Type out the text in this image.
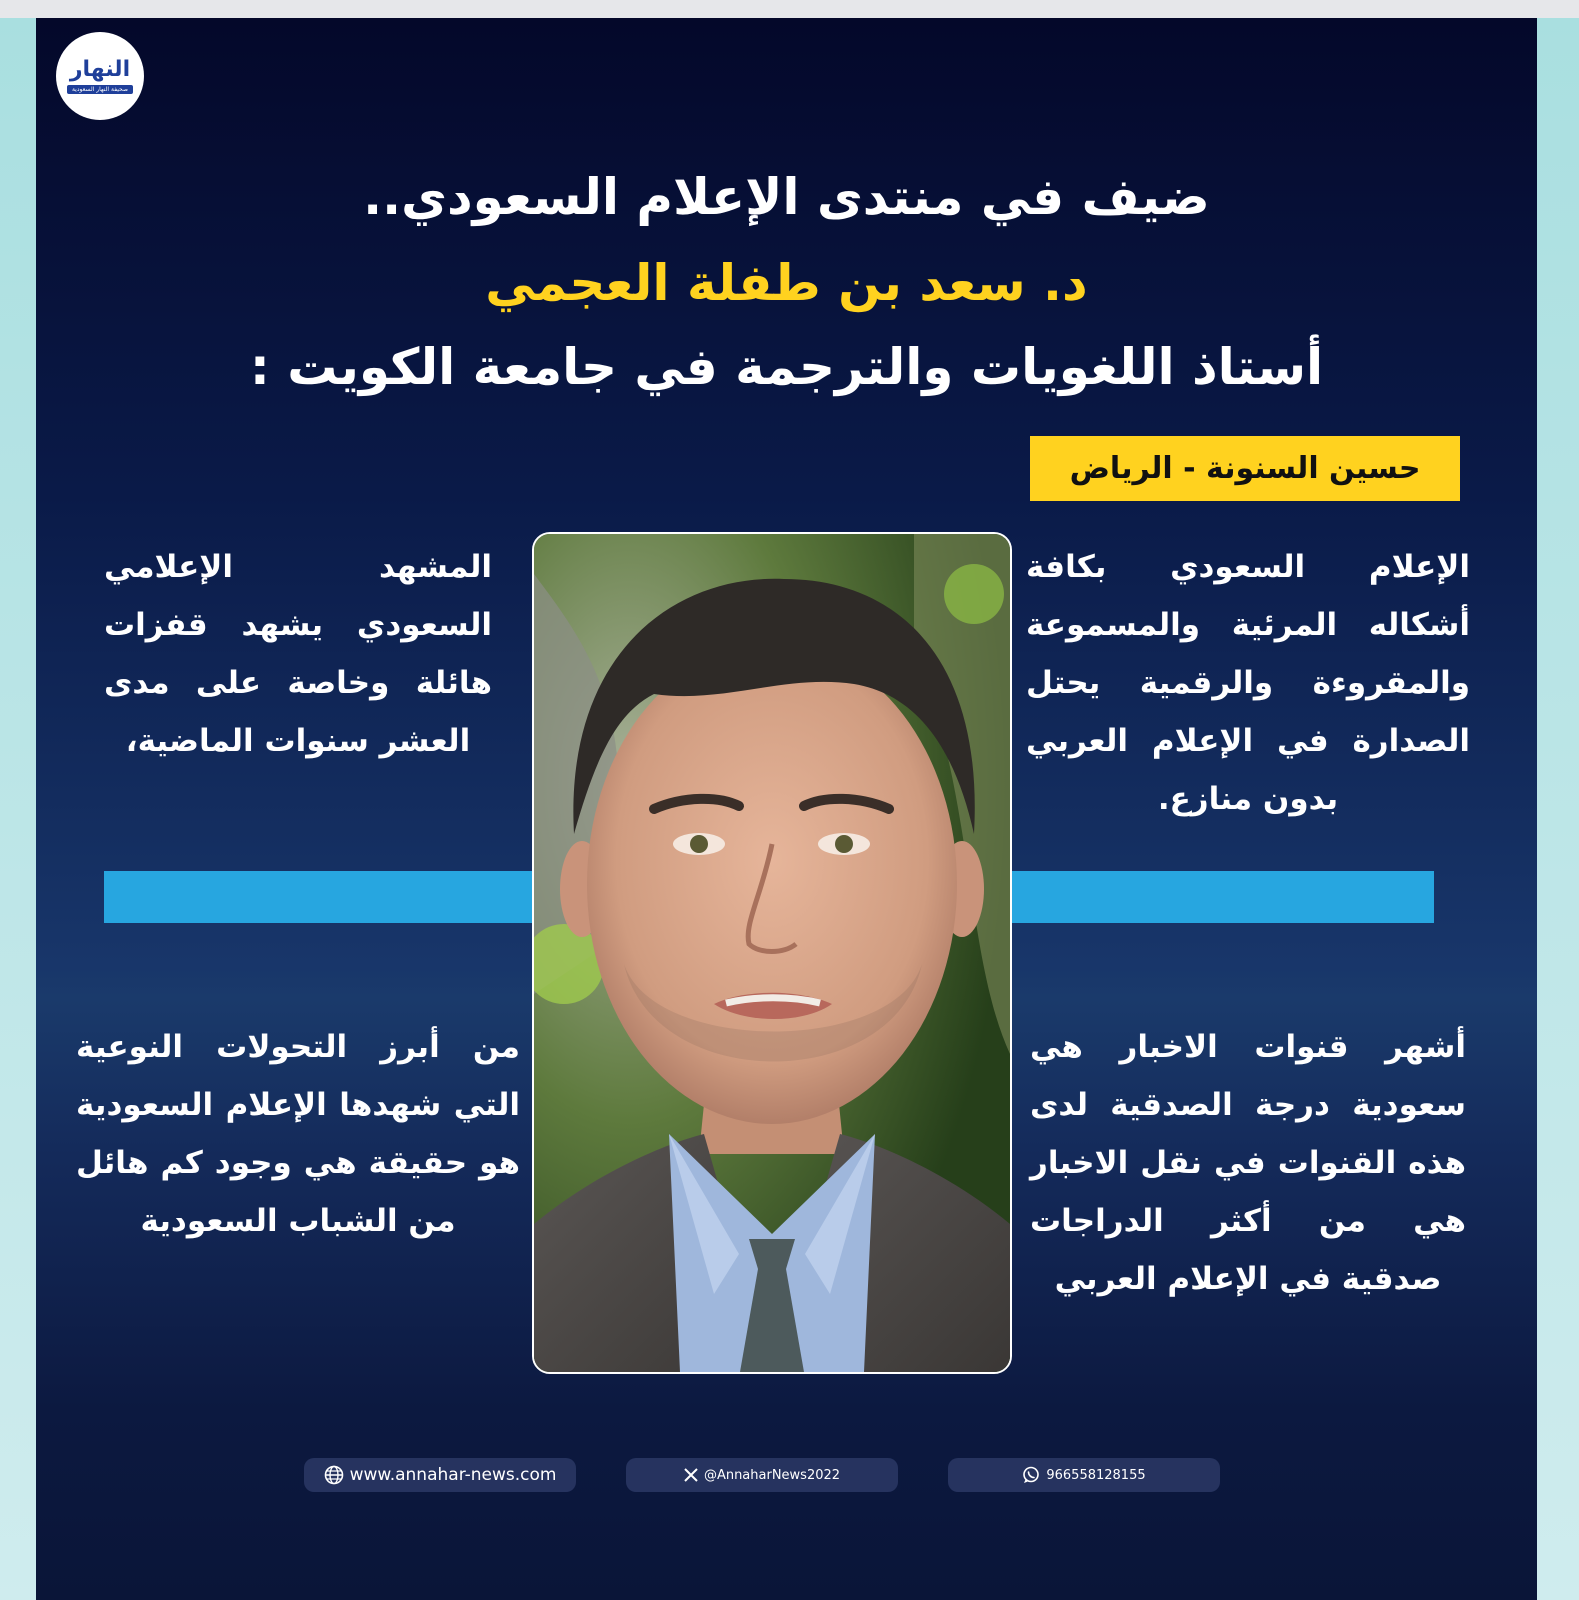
النهار
صحيفة النهار السعودية
ضيف في منتدى الإعلام السعودي..
د. سعد بن طفلة العجمي
أستاذ اللغويات والترجمة في جامعة الكويت :
حسين السنونة - الرياض
الإعلام السعودي بكافة أشكاله المرئية والمسموعة والمقروءة والرقمية يحتل الصدارة في الإعلام العربي بدون منازع.
المشهد الإعلامي السعودي يشهد قفزات هائلة وخاصة على مدى العشر سنوات الماضية،
أشهر قنوات الاخبار هي سعودية درجة الصدقية لدى هذه القنوات في نقل الاخبار هي من أكثر الدراجات صدقية في الإعلام العربي
من أبرز التحولات النوعية التي شهدها الإعلام السعودية هو حقيقة هي وجود كم هائل من الشباب السعودية
www.annahar-news.com	@AnnaharNews2022	966558128155
